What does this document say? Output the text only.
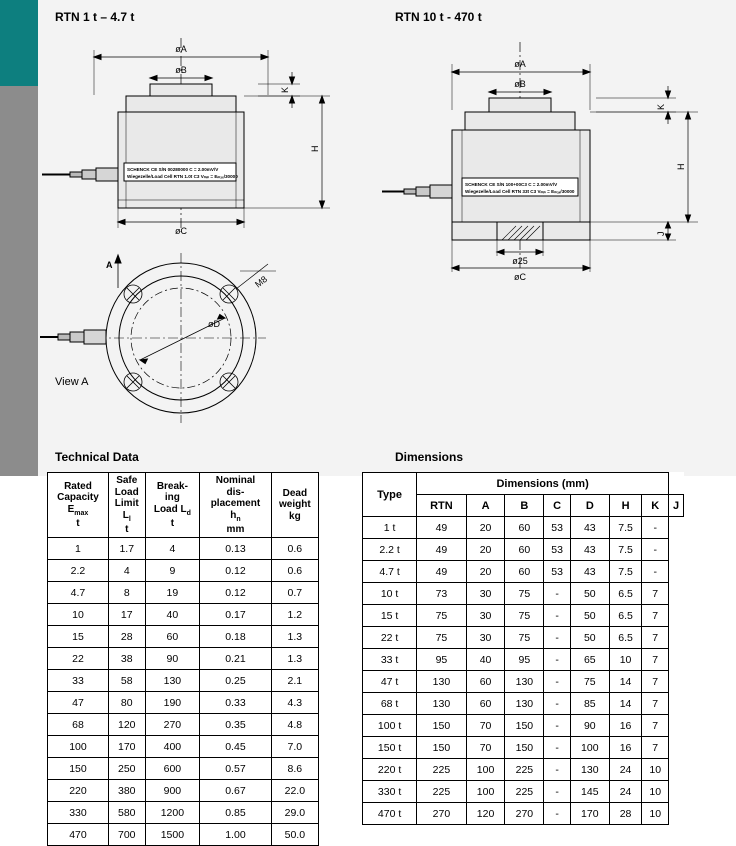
RTN 1 t – 4.7 t	RTN 10 t - 470 t
Technical Data	Dimensions
øA
øB
SCHENCK CE S/N 00280000 C = 2.00mV/V
Wiegezelle/Load Cell RTN 1.0t C3 Vₘᵢₙ = Eₘₐₓ/30000
K
H
øC
øD
M8
A
View A
øA
øB
SCHENCK CE S/N 100+00C3 C = 2.00mV/V
Wiegezelle/Load Cell RTN 33t C3 Vₘᵢₙ = Eₘₐₓ/30000
K
H
J
ø25
øC
Rated
Capacity
$E_{max}$
t	Safe
Load
Limit
$L_l$
t	Break-
ing
Load $L_d$
t	Nominal
dis-
placement
$h_n$
mm	Dead
weight
kg
1	1.7	4	0.13	0.6
2.2	4	9	0.12	0.6
4.7	8	19	0.12	0.7
10	17	40	0.17	1.2
15	28	60	0.18	1.3
22	38	90	0.21	1.3
33	58	130	0.25	2.1
47	80	190	0.33	4.3
68	120	270	0.35	4.8
100	170	400	0.45	7.0
150	250	600	0.57	8.6
220	380	900	0.67	22.0
330	580	1200	0.85	29.0
470	700	1500	1.00	50.0
Type	Dimensions (mm)							
	RTN	A	B	C	D	H	K	J
1 t	49	20	60	53	43	7.5	-	
2.2 t	49	20	60	53	43	7.5	-	
4.7 t	49	20	60	53	43	7.5	-	
10 t	73	30	75	-	50	6.5	7	
15 t	75	30	75	-	50	6.5	7	
22 t	75	30	75	-	50	6.5	7	
33 t	95	40	95	-	65	10	7	
47 t	130	60	130	-	75	14	7	
68 t	130	60	130	-	85	14	7	
100 t	150	70	150	-	90	16	7	
150 t	150	70	150	-	100	16	7	
220 t	225	100	225	-	130	24	10	
330 t	225	100	225	-	145	24	10	
470 t	270	120	270	-	170	28	10	
